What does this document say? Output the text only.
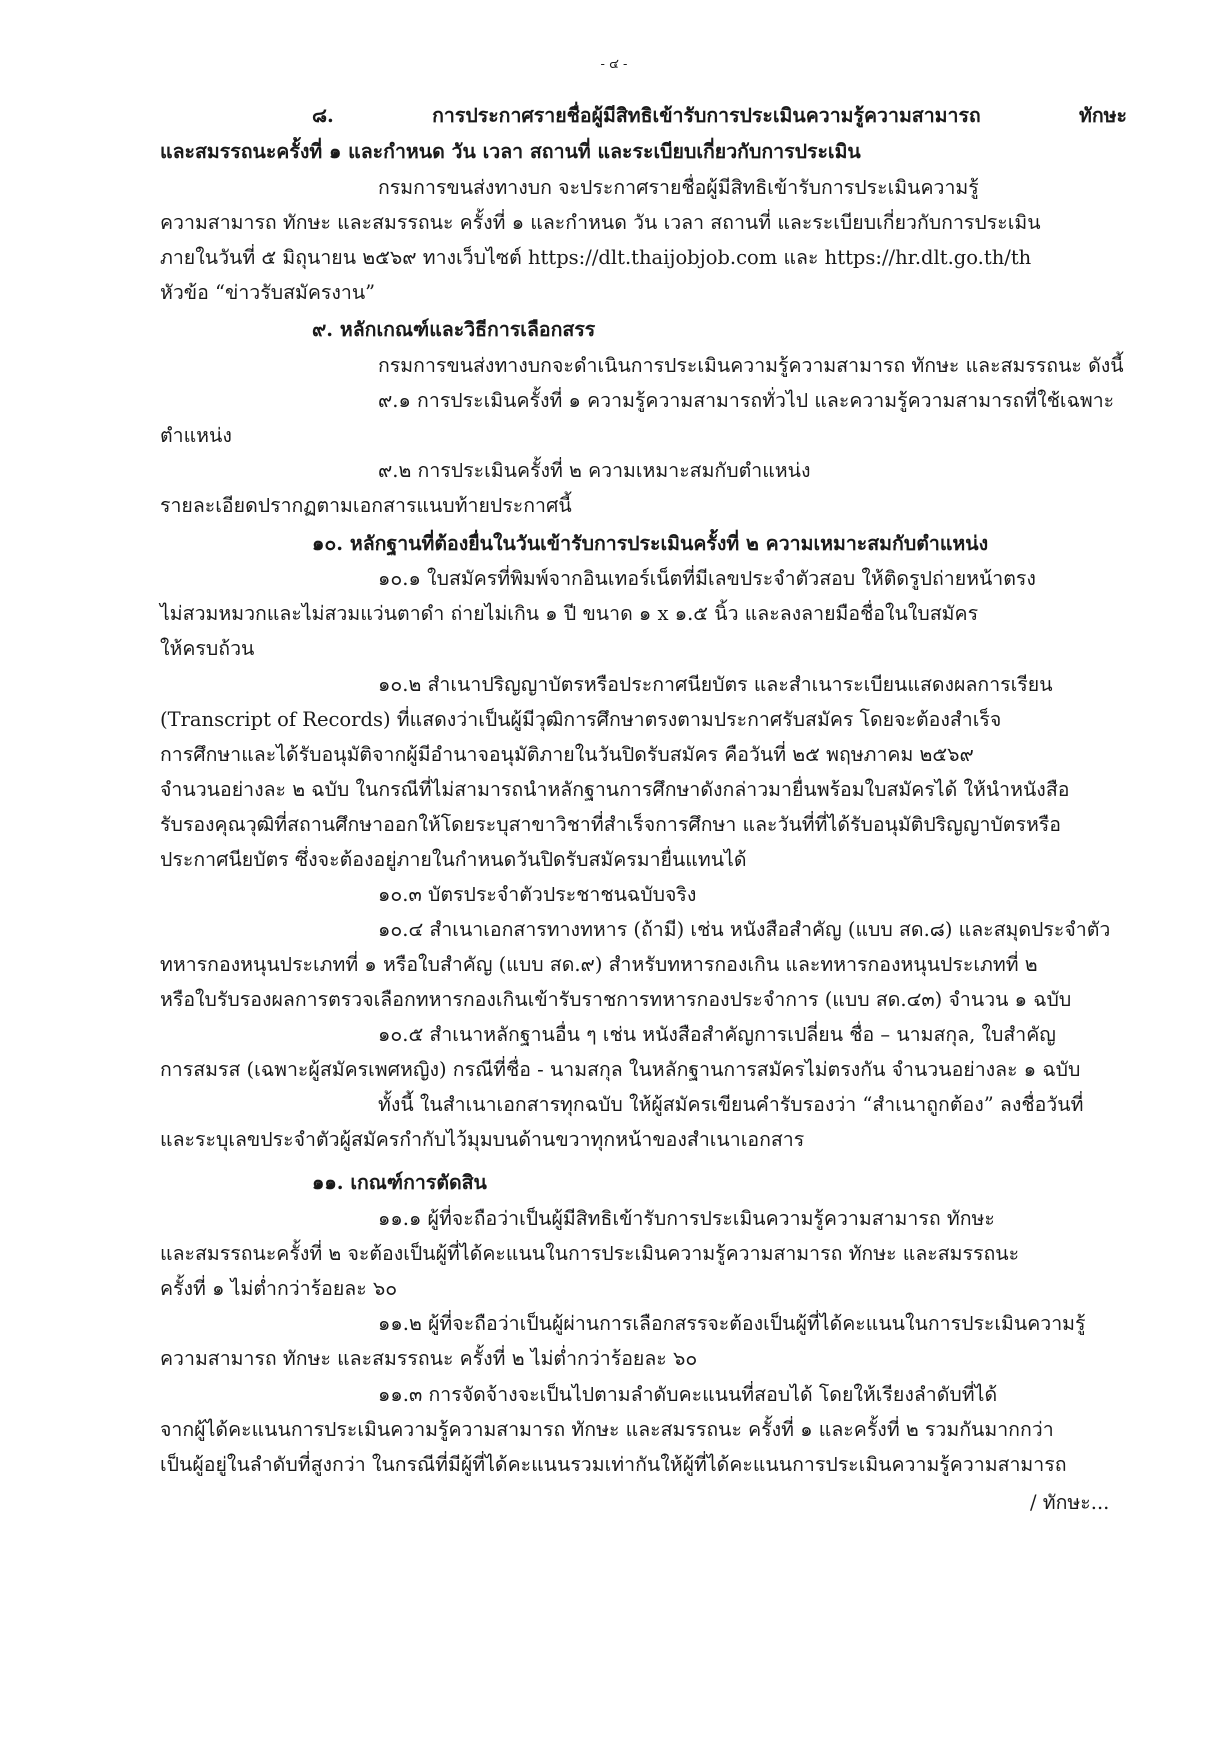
- ๔ -
๘. การประกาศรายชื่อผู้มีสิทธิเข้ารับการประเมินความรู้ความสามารถ ทักษะ
และสมรรถนะครั้งที่ ๑ และกำหนด วัน เวลา สถานที่ และระเบียบเกี่ยวกับการประเมิน
กรมการขนส่งทางบก จะประกาศรายชื่อผู้มีสิทธิเข้ารับการประเมินความรู้
ความสามารถ ทักษะ และสมรรถนะ ครั้งที่ ๑ และกำหนด วัน เวลา สถานที่ และระเบียบเกี่ยวกับการประเมิน
ภายในวันที่ ๕ มิถุนายน ๒๕๖๙ ทางเว็บไซต์ https://dlt.thaijobjob.com และ https://hr.dlt.go.th/th
หัวข้อ “ข่าวรับสมัครงาน”
๙. หลักเกณฑ์และวิธีการเลือกสรร
กรมการขนส่งทางบกจะดำเนินการประเมินความรู้ความสามารถ ทักษะ และสมรรถนะ ดังนี้
๙.๑ การประเมินครั้งที่ ๑ ความรู้ความสามารถทั่วไป และความรู้ความสามารถที่ใช้เฉพาะ
ตำแหน่ง
๙.๒ การประเมินครั้งที่ ๒ ความเหมาะสมกับตำแหน่ง
รายละเอียดปรากฏตามเอกสารแนบท้ายประกาศนี้
๑๐. หลักฐานที่ต้องยื่นในวันเข้ารับการประเมินครั้งที่ ๒ ความเหมาะสมกับตำแหน่ง
๑๐.๑ ใบสมัครที่พิมพ์จากอินเทอร์เน็ตที่มีเลขประจำตัวสอบ ให้ติดรูปถ่ายหน้าตรง
ไม่สวมหมวกและไม่สวมแว่นตาดำ ถ่ายไม่เกิน ๑ ปี ขนาด ๑ x ๑.๕ นิ้ว และลงลายมือชื่อในใบสมัคร
ให้ครบถ้วน
๑๐.๒ สำเนาปริญญาบัตรหรือประกาศนียบัตร และสำเนาระเบียนแสดงผลการเรียน
(Transcript of Records) ที่แสดงว่าเป็นผู้มีวุฒิการศึกษาตรงตามประกาศรับสมัคร โดยจะต้องสำเร็จ
การศึกษาและได้รับอนุมัติจากผู้มีอำนาจอนุมัติภายในวันปิดรับสมัคร คือวันที่ ๒๕ พฤษภาคม ๒๕๖๙
จำนวนอย่างละ ๒ ฉบับ ในกรณีที่ไม่สามารถนำหลักฐานการศึกษาดังกล่าวมายื่นพร้อมใบสมัครได้ ให้นำหนังสือ
รับรองคุณวุฒิที่สถานศึกษาออกให้โดยระบุสาขาวิชาที่สำเร็จการศึกษา และวันที่ที่ได้รับอนุมัติปริญญาบัตรหรือ
ประกาศนียบัตร ซึ่งจะต้องอยู่ภายในกำหนดวันปิดรับสมัครมายื่นแทนได้
๑๐.๓ บัตรประจำตัวประชาชนฉบับจริง
๑๐.๔ สำเนาเอกสารทางทหาร (ถ้ามี) เช่น หนังสือสำคัญ (แบบ สด.๘) และสมุดประจำตัว
ทหารกองหนุนประเภทที่ ๑ หรือใบสำคัญ (แบบ สด.๙) สำหรับทหารกองเกิน และทหารกองหนุนประเภทที่ ๒
หรือใบรับรองผลการตรวจเลือกทหารกองเกินเข้ารับราชการทหารกองประจำการ (แบบ สด.๔๓) จำนวน ๑ ฉบับ
๑๐.๕ สำเนาหลักฐานอื่น ๆ เช่น หนังสือสำคัญการเปลี่ยน ชื่อ – นามสกุล, ใบสำคัญ
การสมรส (เฉพาะผู้สมัครเพศหญิง) กรณีที่ชื่อ - นามสกุล ในหลักฐานการสมัครไม่ตรงกัน จำนวนอย่างละ ๑ ฉบับ
ทั้งนี้ ในสำเนาเอกสารทุกฉบับ ให้ผู้สมัครเขียนคำรับรองว่า “สำเนาถูกต้อง” ลงชื่อวันที่
และระบุเลขประจำตัวผู้สมัครกำกับไว้มุมบนด้านขวาทุกหน้าของสำเนาเอกสาร
๑๑. เกณฑ์การตัดสิน
๑๑.๑ ผู้ที่จะถือว่าเป็นผู้มีสิทธิเข้ารับการประเมินความรู้ความสามารถ ทักษะ
และสมรรถนะครั้งที่ ๒ จะต้องเป็นผู้ที่ได้คะแนนในการประเมินความรู้ความสามารถ ทักษะ และสมรรถนะ
ครั้งที่ ๑ ไม่ต่ำกว่าร้อยละ ๖๐
๑๑.๒ ผู้ที่จะถือว่าเป็นผู้ผ่านการเลือกสรรจะต้องเป็นผู้ที่ได้คะแนนในการประเมินความรู้
ความสามารถ ทักษะ และสมรรถนะ ครั้งที่ ๒ ไม่ต่ำกว่าร้อยละ ๖๐
๑๑.๓ การจัดจ้างจะเป็นไปตามลำดับคะแนนที่สอบได้ โดยให้เรียงลำดับที่ได้
จากผู้ได้คะแนนการประเมินความรู้ความสามารถ ทักษะ และสมรรถนะ ครั้งที่ ๑ และครั้งที่ ๒ รวมกันมากกว่า
เป็นผู้อยู่ในลำดับที่สูงกว่า ในกรณีที่มีผู้ที่ได้คะแนนรวมเท่ากันให้ผู้ที่ได้คะแนนการประเมินความรู้ความสามารถ
/ ทักษะ...
